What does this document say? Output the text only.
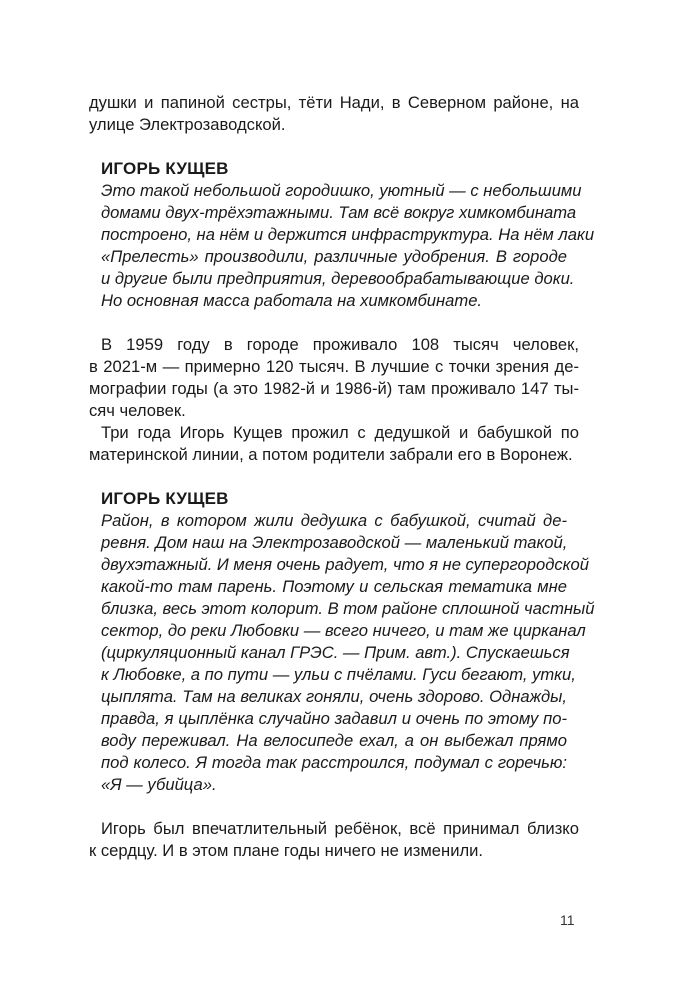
душки и папиной сестры, тёти Нади, в Северном районе, на
улице Электрозаводской.
ИГОРЬ КУЩЕВ
Это такой небольшой городишко, уютный — с небольшими
домами двух-трёхэтажными. Там всё вокруг химкомбината
построено, на нём и держится инфраструктура. На нём лаки
«Прелесть» производили, различные удобрения. В городе
и другие были предприятия, деревообрабатывающие доки.
Но основная масса работала на химкомбинате.
В 1959 году в городе проживало 108 тысяч человек,
в 2021-м — примерно 120 тысяч. В лучшие с точки зрения де-
мографии годы (а это 1982-й и 1986-й) там проживало 147 ты-
сяч человек.
Три года Игорь Кущев прожил с дедушкой и бабушкой по
материнской линии, а потом родители забрали его в Воронеж.
ИГОРЬ КУЩЕВ
Район, в котором жили дедушка с бабушкой, считай де-
ревня. Дом наш на Электрозаводской — маленький такой,
двухэтажный. И меня очень радует, что я не супергородской
какой-то там парень. Поэтому и сельская тематика мне
близка, весь этот колорит. В том районе сплошной частный
сектор, до реки Любовки — всего ничего, и там же цирканал
(циркуляционный канал ГРЭС. — Прим. авт.). Спускаешься
к Любовке, а по пути — ульи с пчёлами. Гуси бегают, утки,
цыплята. Там на великах гоняли, очень здорово. Однажды,
правда, я цыплёнка случайно задавил и очень по этому по-
воду переживал. На велосипеде ехал, а он выбежал прямо
под колесо. Я тогда так расстроился, подумал с горечью:
«Я — убийца».
Игорь был впечатлительный ребёнок, всё принимал близко
к сердцу. И в этом плане годы ничего не изменили.
11
